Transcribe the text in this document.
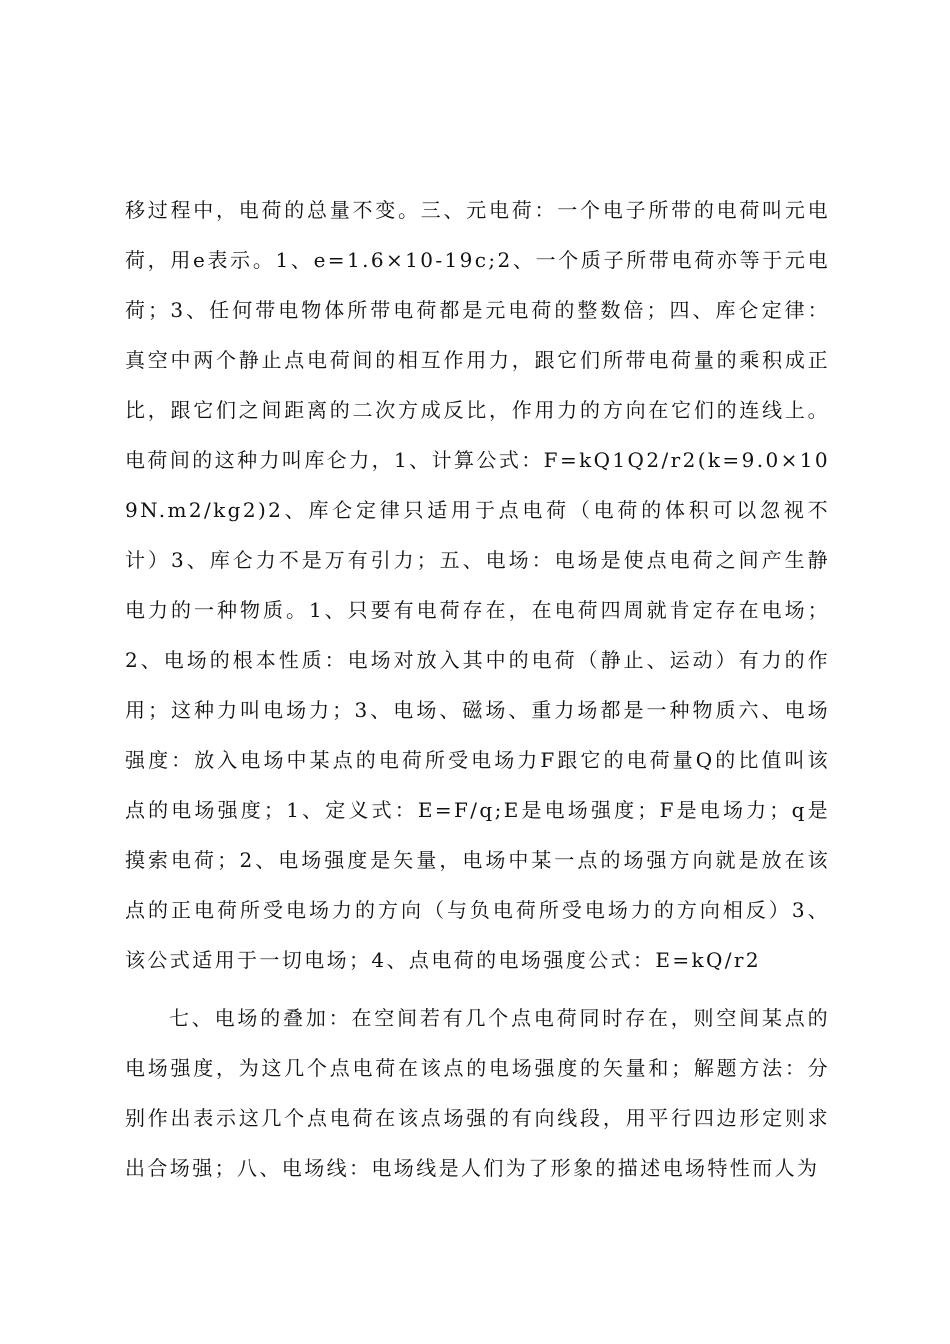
移过程中，电荷的总量不变。三、元电荷：一个电子所带的电荷叫元电荷，用e表示。1、e=1.6×10-19c;2、一个质子所带电荷亦等于元电荷；3、任何带电物体所带电荷都是元电荷的整数倍；四、库仑定律：真空中两个静止点电荷间的相互作用力，跟它们所带电荷量的乘积成正比，跟它们之间距离的二次方成反比，作用力的方向在它们的连线上。电荷间的这种力叫库仑力，1、计算公式：F=kQ1Q2/r2(k=9.0×109N.m2/kg2)2、库仑定律只适用于点电荷（电荷的体积可以忽视不计）3、库仑力不是万有引力；五、电场：电场是使点电荷之间产生静电力的一种物质。1、只要有电荷存在，在电荷四周就肯定存在电场；2、电场的根本性质：电场对放入其中的电荷（静止、运动）有力的作用；这种力叫电场力；3、电场、磁场、重力场都是一种物质六、电场强度：放入电场中某点的电荷所受电场力F跟它的电荷量Q的比值叫该点的电场强度；1、定义式：E=F/q;E是电场强度；F是电场力；q是摸索电荷；2、电场强度是矢量，电场中某一点的场强方向就是放在该点的正电荷所受电场力的方向（与负电荷所受电场力的方向相反）3、该公式适用于一切电场；4、点电荷的电场强度公式：E=kQ/r2

七、电场的叠加：在空间若有几个点电荷同时存在，则空间某点的电场强度，为这几个点电荷在该点的电场强度的矢量和；解题方法：分别作出表示这几个点电荷在该点场强的有向线段，用平行四边形定则求出合场强；八、电场线：电场线是人们为了形象的描述电场特性而人为
